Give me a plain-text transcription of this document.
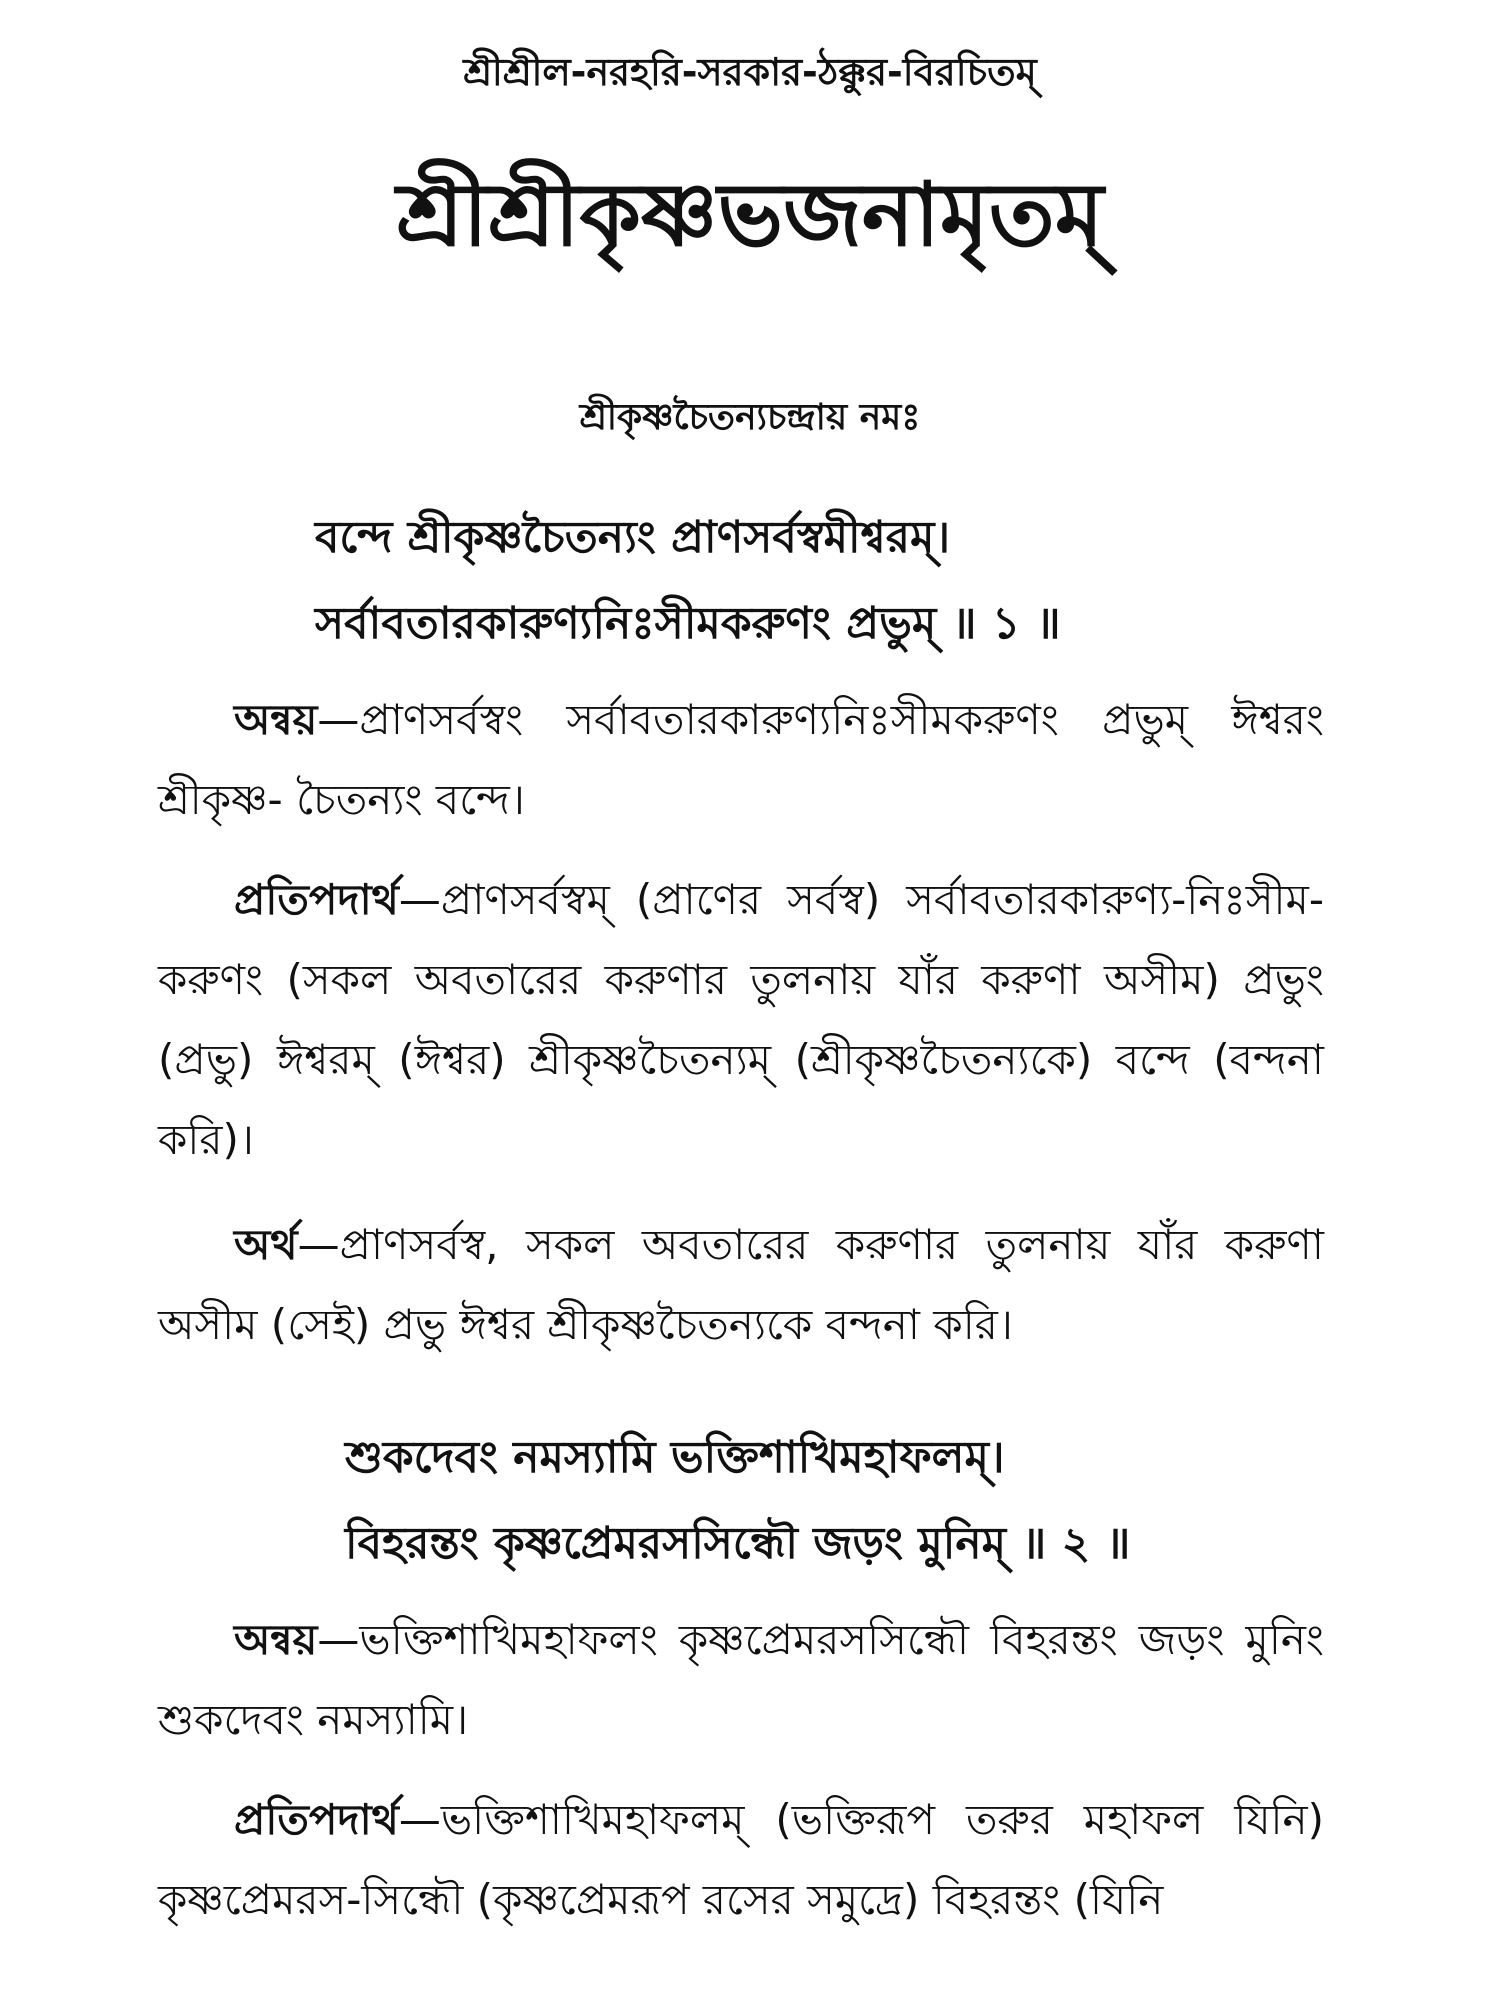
শ্রীশ্রীল-নরহরি-সরকার-ঠক্কুর-বিরচিতম্
শ্রীশ্রীকৃষ্ণভজনামৃতম্
শ্রীকৃষ্ণচৈতন্যচন্দ্রায় নমঃ
বন্দে শ্রীকৃষ্ণচৈতন্যং প্রাণসর্বস্বমীশ্বরম্।
সর্বাবতারকারুণ্যনিঃসীমকরুণং প্রভুম্ ॥ ১ ॥
অন্বয়—প্রাণসর্বস্বং সর্বাবতারকারুণ্যনিঃসীমকরুণং প্রভুম্ ঈশ্বরং শ্রীকৃষ্ণ- চৈতন্যং বন্দে।
প্রতিপদার্থ—প্রাণসর্বস্বম্ (প্রাণের সর্বস্ব) সর্বাবতারকারুণ্য-নিঃসীম-করুণং (সকল অবতারের করুণার তুলনায় যাঁর করুণা অসীম) প্রভুং (প্রভু) ঈশ্বরম্ (ঈশ্বর) শ্রীকৃষ্ণচৈতন্যম্ (শ্রীকৃষ্ণচৈতন্যকে) বন্দে (বন্দনা করি)।
অর্থ—প্রাণসর্বস্ব, সকল অবতারের করুণার তুলনায় যাঁর করুণা অসীম (সেই) প্রভু ঈশ্বর শ্রীকৃষ্ণচৈতন্যকে বন্দনা করি।
শুকদেবং নমস্যামি ভক্তিশাখিমহাফলম্।
বিহরন্তং কৃষ্ণপ্রেমরসসিন্ধৌ জড়ং মুনিম্ ॥ ২ ॥
অন্বয়—ভক্তিশাখিমহাফলং কৃষ্ণপ্রেমরসসিন্ধৌ বিহরন্তং জড়ং মুনিং শুকদেবং নমস্যামি।
প্রতিপদার্থ—ভক্তিশাখিমহাফলম্ (ভক্তিরূপ তরুর মহাফল যিনি) কৃষ্ণপ্রেমরস-সিন্ধৌ (কৃষ্ণপ্রেমরূপ রসের সমুদ্রে) বিহরন্তং (যিনি
